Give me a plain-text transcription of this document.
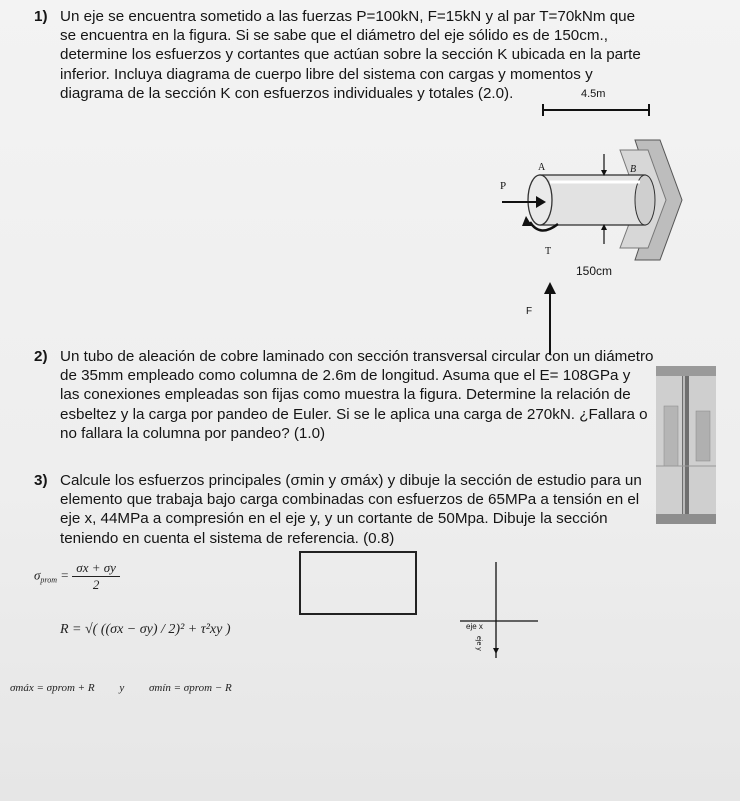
1) Un eje se encuentra sometido a las fuerzas P=100kN, F=15kN y al par T=70kNm que
se encuentra en la figura. Si se sabe que el diámetro del eje sólido es de 150cm.,
determine los esfuerzos y cortantes que actúan sobre la sección K ubicada en la parte
inferior. Incluya diagrama de cuerpo libre del sistema con cargas y momentos y
diagrama de la sección K con esfuerzos individuales y totales (2.0).	4.5m
A	B
P
T
150cm
F
2) Un tubo de aleación de cobre laminado con sección transversal circular con un diámetro
de 35mm empleado como columna de 2.6m de longitud. Asuma que el E= 108GPa y
las conexiones empleadas son fijas como muestra la figura. Determine la relación de
esbeltez y la carga por pandeo de Euler. Si se le aplica una carga de 270kN. ¿Fallara o
no fallara la columna por pandeo? (1.0)

3) Calcule los esfuerzos principales (σmin y σmáx) y dibuje la sección de estudio para un
elemento que trabaja bajo carga combinadas con esfuerzos de 65MPa a tensión en el
eje x, 44MPa a compresión en el eje y, y un cortante de 50Mpa. Dibuje la sección
teniendo en cuenta el sistema de referencia. (0.8)

$\sigma_{prom} = \frac{\sigma x + \sigma y}{2}$
R = √( ((σx − σy) / 2)² + τ²xy )
σmáx = σprom + R y σmín = σprom − R
eje x
eje y
